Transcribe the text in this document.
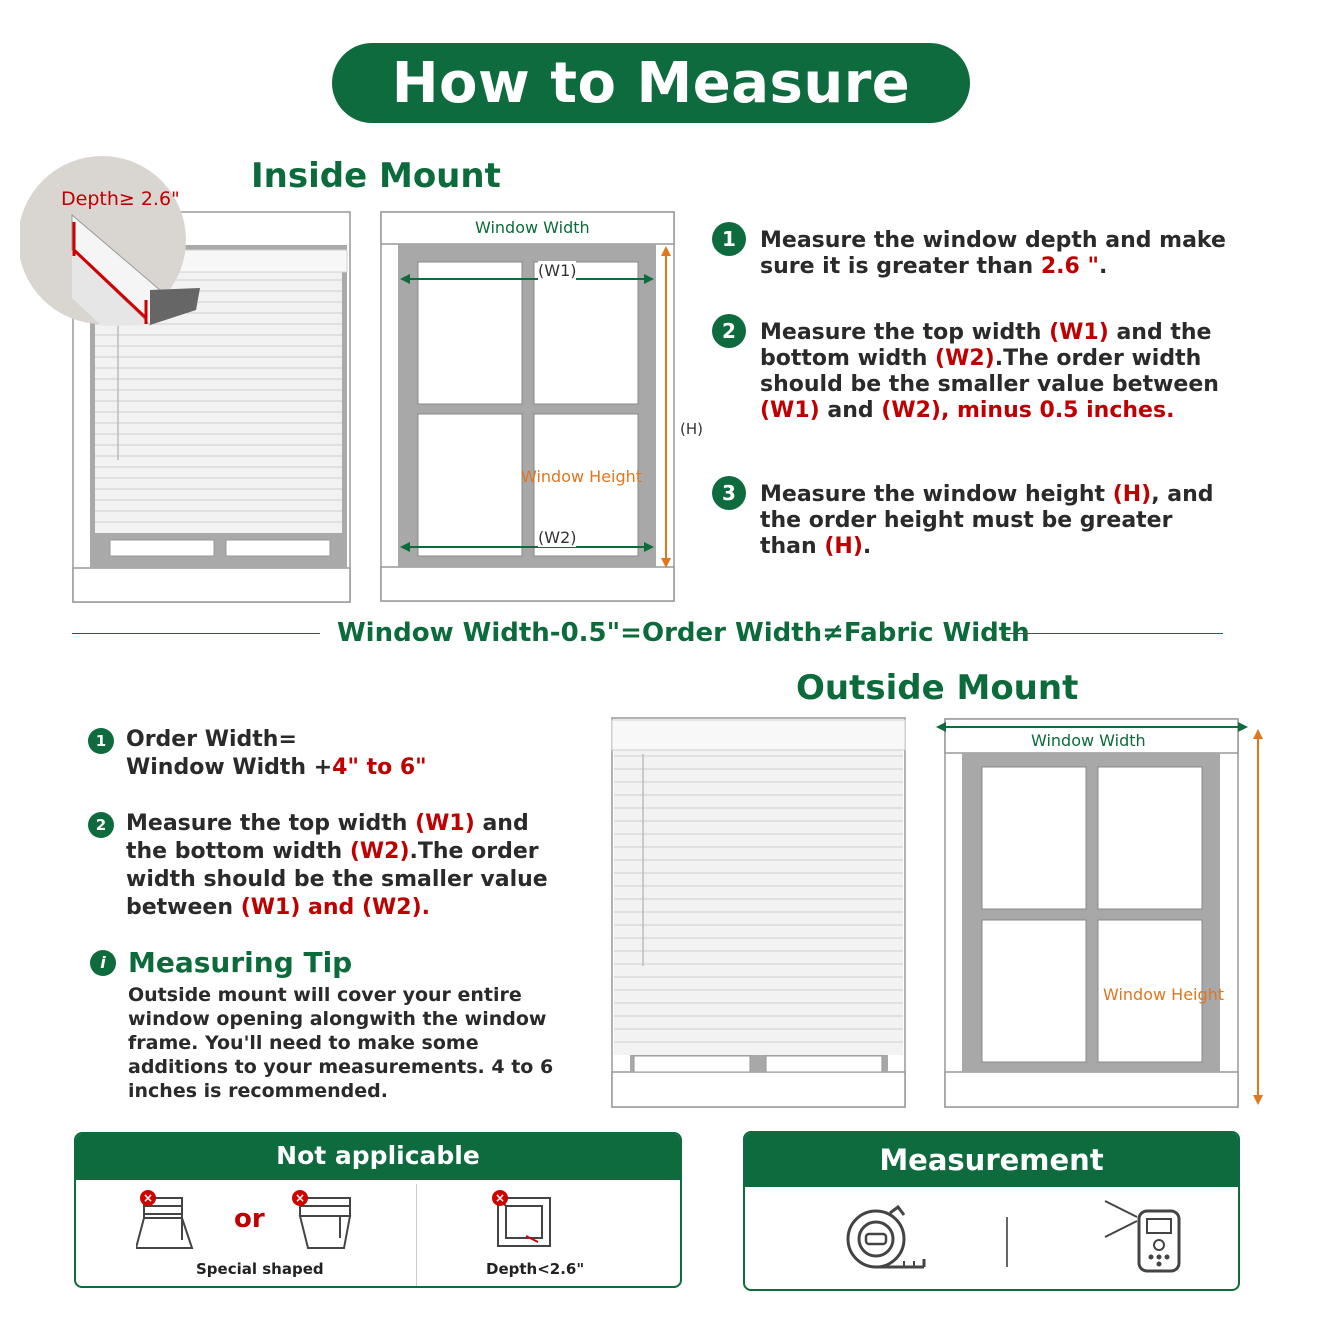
How to Measure
Inside Mount
Depth≥ 2.6"
Window Width
(W1)
(W2)
(H)
Window Height
1	Measure the window depth and make sure it is greater than 2.6 ".

2	Measure the top width (W1) and the bottom width (W2).The order width should be the smaller value between (W1) and (W2), minus 0.5 inches.

3	Measure the window height (H), and the order height must be greater than (H).

Window Width-0.5"=Order Width≠Fabric Width
Outside Mount
1 Order Width=
Window Width +4" to 6"

2 Measure the top width (W1) and the bottom width (W2).The order width should be the smaller value between (W1) and (W2).

i Measuring Tip
Outside mount will cover your entire window opening alongwith the window frame. You'll need to make some additions to your measurements. 4 to 6 inches is recommended.
Window Width
Window Height
Not applicable
×
or
×
Special shaped
×
Depth<2.6"
Measurement
